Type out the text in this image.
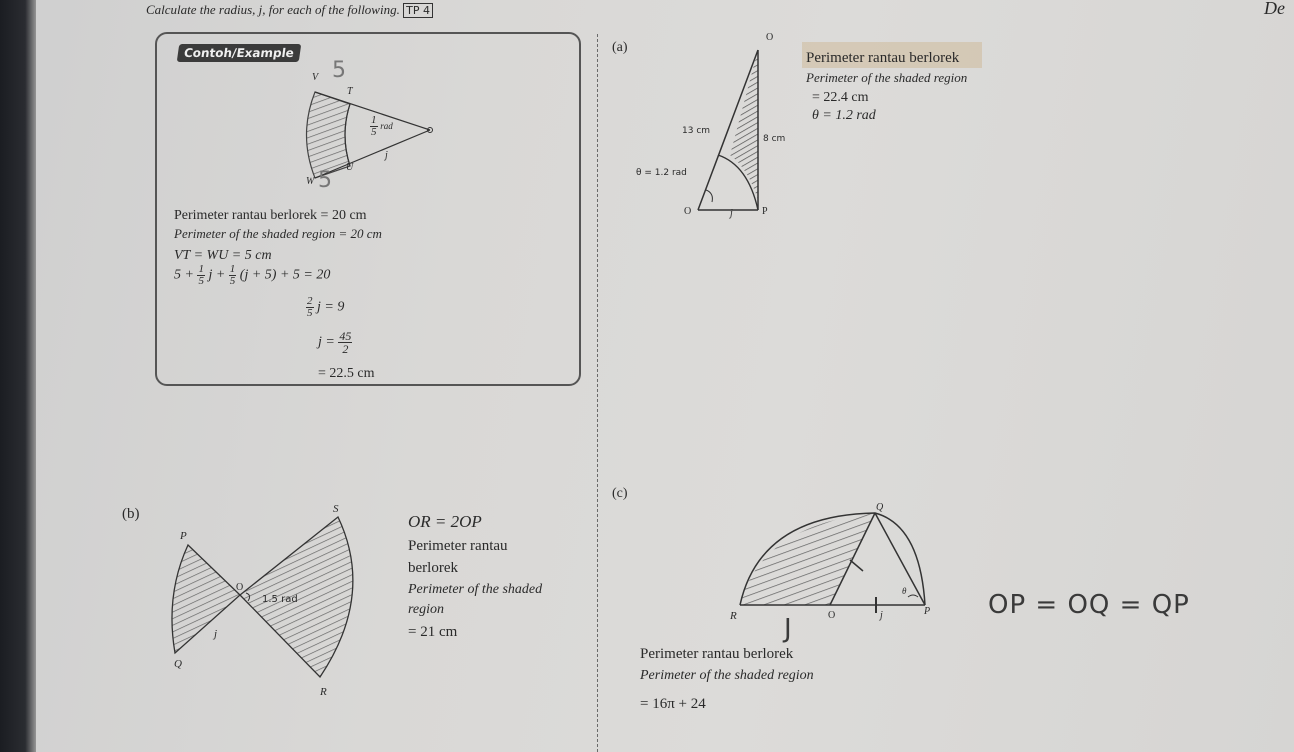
Calculate the radius, j, for each of the following. TP 4	De
Contoh/Example
V 5
T
$\frac{1}{5}$ rad
j
U
W 5
Perimeter rantau berlorek = 20 cm
Perimeter of the shaded region = 20 cm
VT = WU = 5 cm
$5 + \frac{1}{5}$ $j + \frac{1}{5} (j + 5) + 5 = 20$
$\frac{2}{5}$ j = 9
$j = \frac{45}{2}$
= 22.5 cm
(a)
Perimeter rantau berlorek
Perimeter of the shaded region
= 22.4 cm
θ = 1.2 rad
O
13 cm
8 cm
θ = 1.2 rad
O	j	P
(b)	S
P
O
1.5 rad
j
Q
R
OR = 2OP
Perimeter rantau
berlorek
Perimeter of the shaded
region
= 21 cm
(c)
Q
R	O	j	P
θ
J
OP = OQ = QP
Perimeter rantau berlorek
Perimeter of the shaded region
= 16π + 24
